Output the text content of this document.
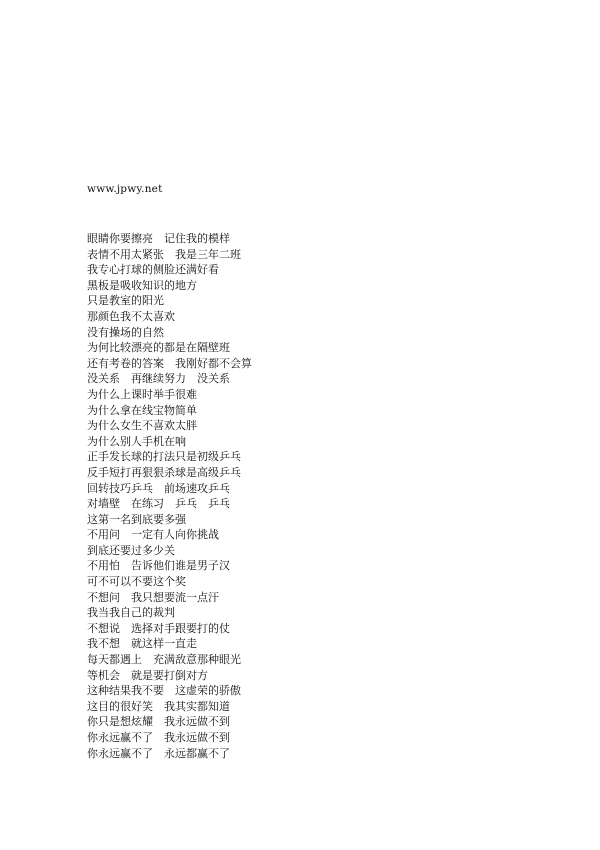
www.jpwy.net
眼睛你要擦亮　记住我的模样
表情不用太紧张　我是三年二班
我专心打球的侧脸还满好看
黑板是吸收知识的地方
只是教室的阳光
那颜色我不太喜欢
没有操场的自然
为何比较漂亮的都是在隔壁班
还有考卷的答案　我刚好都不会算
没关系　再继续努力　没关系
为什么上课时举手很难
为什么拿在线宝物简单
为什么女生不喜欢太胖
为什么别人手机在响
正手发长球的打法只是初级乒乓
反手短打再狠狠杀球是高级乒乓
回转技巧乒乓　前场速攻乒乓
对墙壁　在练习　乒乓　乒乓
这第一名到底要多强
不用问　一定有人向你挑战
到底还要过多少关
不用怕　告诉他们谁是男子汉
可不可以不要这个奖
不想问　我只想要流一点汗
我当我自己的裁判
不想说　选择对手跟要打的仗
我不想　就这样一直走
每天都遇上　充满敌意那种眼光
等机会　就是要打倒对方
这种结果我不要　这虚荣的骄傲
这目的很好笑　我其实都知道
你只是想炫耀　我永远做不到
你永远赢不了　我永远做不到
你永远赢不了　永远都赢不了
